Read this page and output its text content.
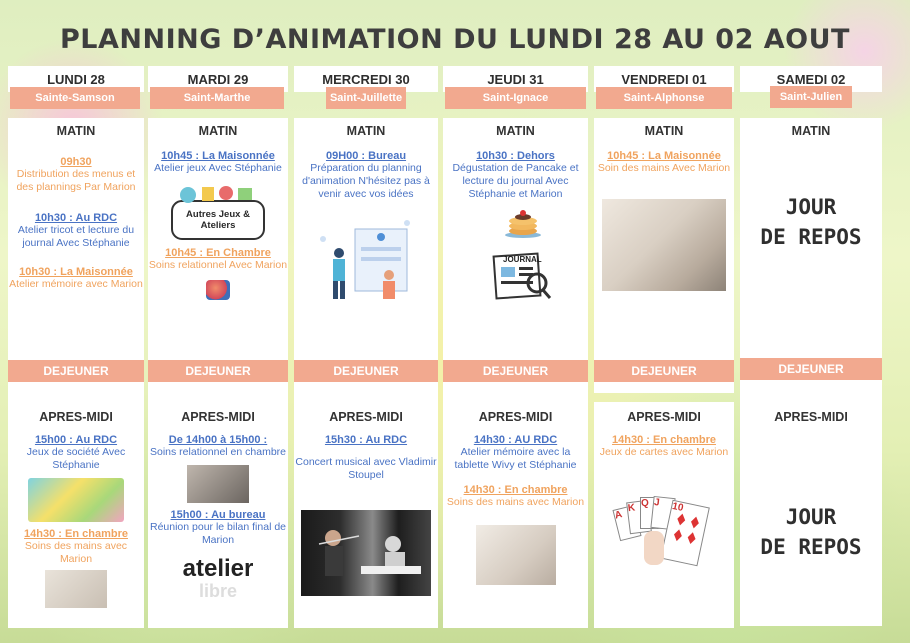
PLANNING D’ANIMATION DU LUNDI 28 AU 02 AOUT
LUNDI 28
Sainte-Samson
MATIN
09h30
Distribution des menus et des plannings Par Marion
10h30 : Au RDC
Atelier tricot et lecture du journal Avec Stéphanie
10h30 : La Maisonnée
Atelier mémoire avec Marion
DEJEUNER
APRES-MIDI
15h00 : Au RDC
Jeux de société Avec Stéphanie
14h30 : En chambre
Soins des mains avec Marion
MARDI 29
Saint-Marthe
MATIN
10h45 : La Maisonnée
Atelier jeux Avec Stéphanie
Autres Jeux & Ateliers
10h45 : En Chambre
Soins relationnel Avec Marion
DEJEUNER
APRES-MIDI
De 14h00 à 15h00 :
Soins relationnel en chambre
15h00 : Au bureau
Réunion pour le bilan final de Marion
atelier
libre
MERCREDI 30
Saint-Juillette
MATIN
09H00 : Bureau
Préparation du planning d'animation N'hésitez pas à venir avec vos idées
DEJEUNER
APRES-MIDI
15h30 : Au RDC
Concert musical avec Vladimir Stoupel
JEUDI 31
Saint-Ignace
MATIN
10h30 : Dehors
Dégustation de Pancake et lecture du journal Avec Stéphanie et Marion
JOURNAL
DEJEUNER
APRES-MIDI
14h30 : AU RDC
Atelier mémoire avec la tablette Wivy et Stéphanie
14h30 : En chambre
Soins des mains avec Marion
VENDREDI 01
Saint-Alphonse
MATIN
10h45 : La Maisonnée
Soin des mains Avec Marion
DEJEUNER
APRES-MIDI
14h30 : En chambre
Jeux de cartes avec Marion
A
K Q J	10
SAMEDI 02
Saint-Julien
MATIN
JOUR
DE REPOS
DEJEUNER
APRES-MIDI
JOUR
DE REPOS
